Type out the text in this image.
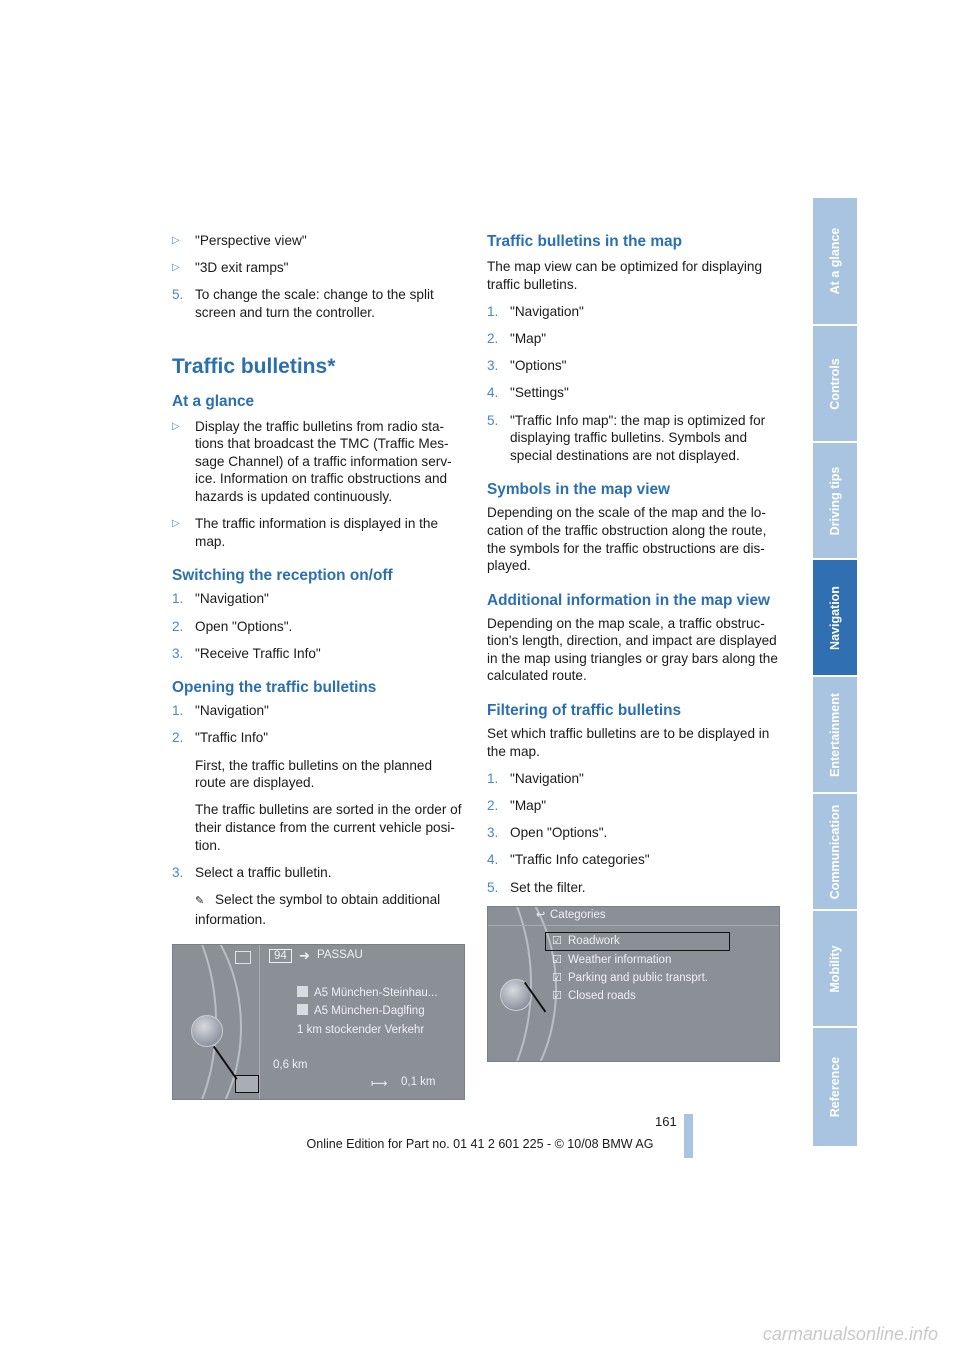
▷ "Perspective view"

▷ "3D exit ramps"

5. To change the scale: change to the split screen and turn the controller.

Traffic bulletins*
At a glance

▷ Display the traffic bulletins from radio sta-tions that broadcast the TMC (Traffic Mes-sage Channel) of a traffic information serv-ice. Information on traffic obstructions and hazards is updated continuously.

▷ The traffic information is displayed in the map.

Switching the reception on/off

1. "Navigation"

2. Open "Options".

3. "Receive Traffic Info"

Opening the traffic bulletins

1. "Navigation"

2. "Traffic Info"

First, the traffic bulletins on the planned route are displayed.

The traffic bulletins are sorted in the order of their distance from the current vehicle posi-tion.

3. Select a traffic bulletin.

✎ Select the symbol to obtain additional information.

94 ➜ PASSAU
A5 München-Steinhau...
A5 München-Daglfing
1 km stockender Verkehr
0,6 km
⟼ 0,1 km
Traffic bulletins in the map

The map view can be optimized for displaying traffic bulletins.

1. "Navigation"

2. "Map"

3. "Options"

4. "Settings"

5. "Traffic Info map": the map is optimized for displaying traffic bulletins. Symbols and special destinations are not displayed.

Symbols in the map view

Depending on the scale of the map and the lo-cation of the traffic obstruction along the route, the symbols for the traffic obstructions are dis-played.

Additional information in the map view

Depending on the map scale, a traffic obstruc-tion's length, direction, and impact are displayed in the map using triangles or gray bars along the calculated route.

Filtering of traffic bulletins

Set which traffic bulletins are to be displayed in the map.

1. "Navigation"

2. "Map"

3. Open "Options".

4. "Traffic Info categories"

5. Set the filter.

↩ Categories
☑ Roadwork
☑ Weather information
☑ Parking and public transprt.
☑ Closed roads
At a glance
Controls
Driving tips
Navigation
Entertainment
Communication
Mobility
Reference
161
Online Edition for Part no. 01 41 2 601 225 - © 10/08 BMW AG
carmanualsonline.info
